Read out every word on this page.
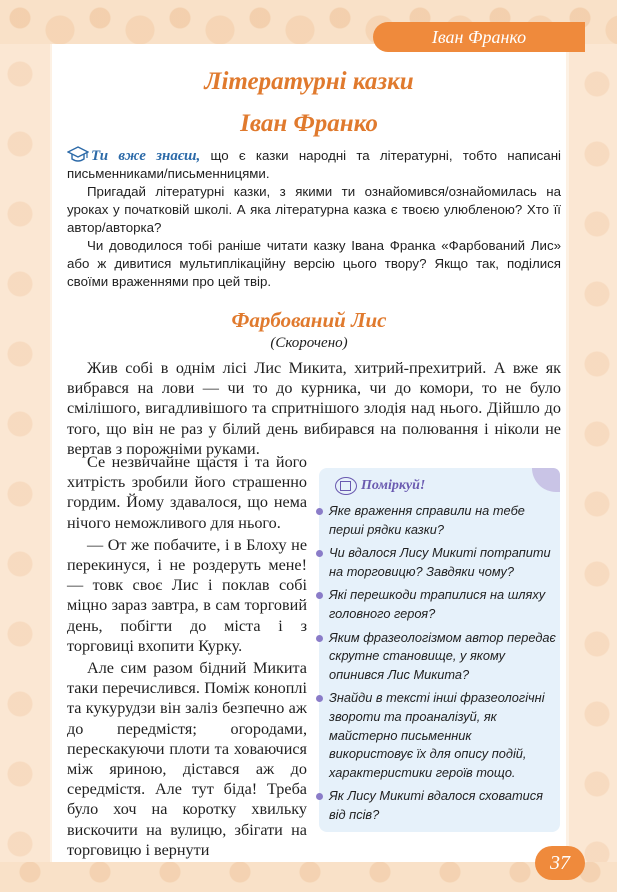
Іван Франко
Літературні казки
Іван Франко

Ти вже знаєш, що є казки народні та літературні, тобто написані письменниками/письменницями.

Пригадай літературні казки, з якими ти ознайомився/ознайомилась на уроках у початковій школі. А яка літературна казка є твоєю улюбленою? Хто її автор/авторка?

Чи доводилося тобі раніше читати казку Івана Франка «Фарбований Лис» або ж дивитися мультиплікаційну версію цього твору? Якщо так, поділися своїми враженнями про цей твір.

Фарбований Лис

(Скорочено)

Жив собі в однім лісі Лис Микита, хитрий-прехитрий. А вже як вибрався на лови — чи то до курника, чи до комори, то не було смілішого, вигадливішого та спритнішого злодія над нього. Дійшло до того, що він не раз у білий день вибирався на полювання і ніколи не вертав з порожніми руками.

Се незвичайне щастя і та його хитрість зробили його страшенно гордим. Йому здавалося, що нема нічого неможливого для нього.

— От же побачите, і в Блоху не перекинуся, і не роздеруть мене! — товк своє Лис і поклав собі міцно зараз завтра, в сам торговий день, побігти до міста і з торговиці вхопити Курку.

Але сим разом бідний Микита таки перечислився. Поміж коноплі та кукурудзи він заліз безпечно аж до передмістя; огородами, перескакуючи плоти та ховаючися між яриною, дістався аж до середмістя. Але тут біда! Треба було хоч на коротку хвильку вискочити на вулицю, збігати на торговицю і вернути

Поміркуй!
Яке враження справили на тебе перші рядки казки?
Чи вдалося Лису Микиті потрапити на торговицю? Завдяки чому?
Які перешкоди трапилися на шляху головного героя?
Яким фразеологізмом автор передає скрутне становище, у якому опинився Лис Микита?
Знайди в тексті інші фразеологічні звороти та проаналізуй, як майстерно письменник використовує їх для опису подій, характеристики героїв тощо.
Як Лису Микиті вдалося сховатися від псів?
37
